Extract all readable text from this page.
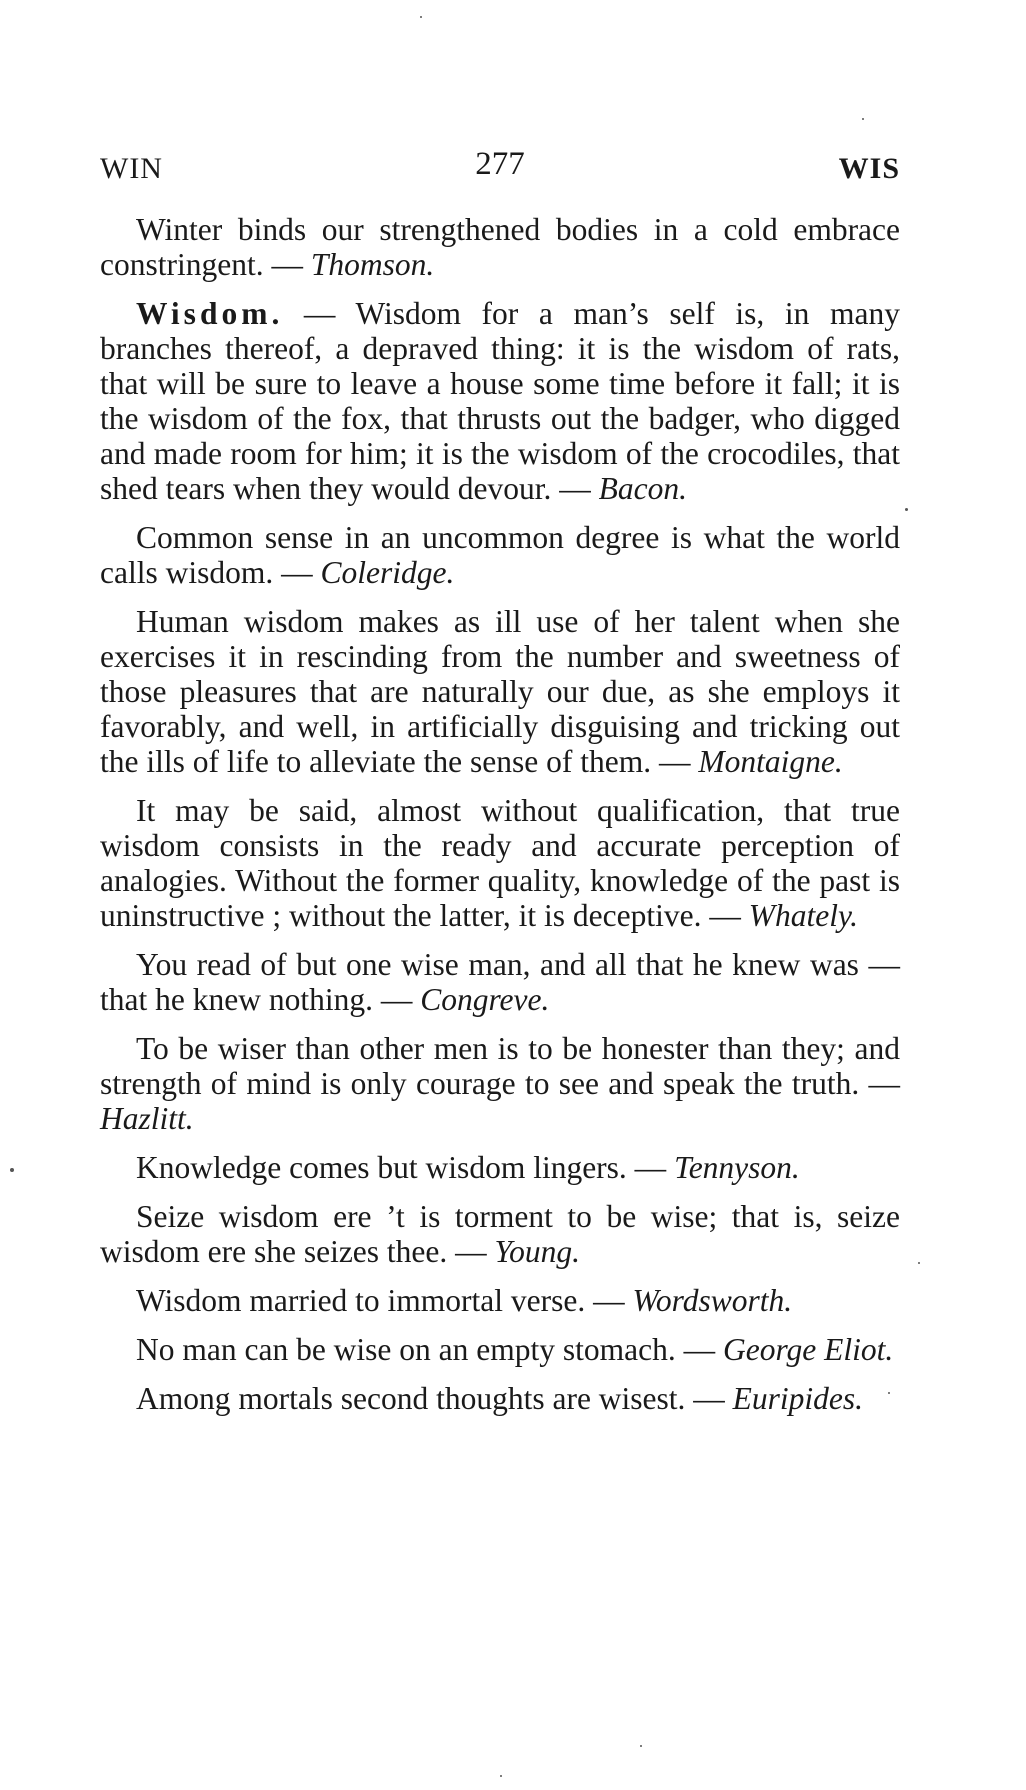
WIN	277	WIS

Winter binds our strengthened bodies in a cold embrace constringent. — Thomson.

Wisdom. — Wisdom for a man’s self is, in many branches thereof, a depraved thing: it is the wisdom of rats, that will be sure to leave a house some time before it fall; it is the wisdom of the fox, that thrusts out the badger, who digged and made room for him; it is the wisdom of the crocodiles, that shed tears when they would devour. — Bacon.

Common sense in an uncommon degree is what the world calls wisdom. — Coleridge.

Human wisdom makes as ill use of her talent when she exercises it in rescinding from the number and sweetness of those pleasures that are naturally our due, as she employs it favorably, and well, in artificially disguising and tricking out the ills of life to alleviate the sense of them. — Montaigne.

It may be said, almost without qualification, that true wisdom consists in the ready and accurate perception of analogies. Without the former quality, knowledge of the past is uninstructive ; without the latter, it is deceptive. — Whately.

You read of but one wise man, and all that he knew was — that he knew nothing. — Congreve.

To be wiser than other men is to be honester than they; and strength of mind is only courage to see and speak the truth. — Hazlitt.

Knowledge comes but wisdom lingers. — Tennyson.

Seize wisdom ere ’t is torment to be wise; that is, seize wisdom ere she seizes thee. — Young.

Wisdom married to immortal verse. — Wordsworth.

No man can be wise on an empty stomach. — George Eliot.

Among mortals second thoughts are wisest. — Euripides.
